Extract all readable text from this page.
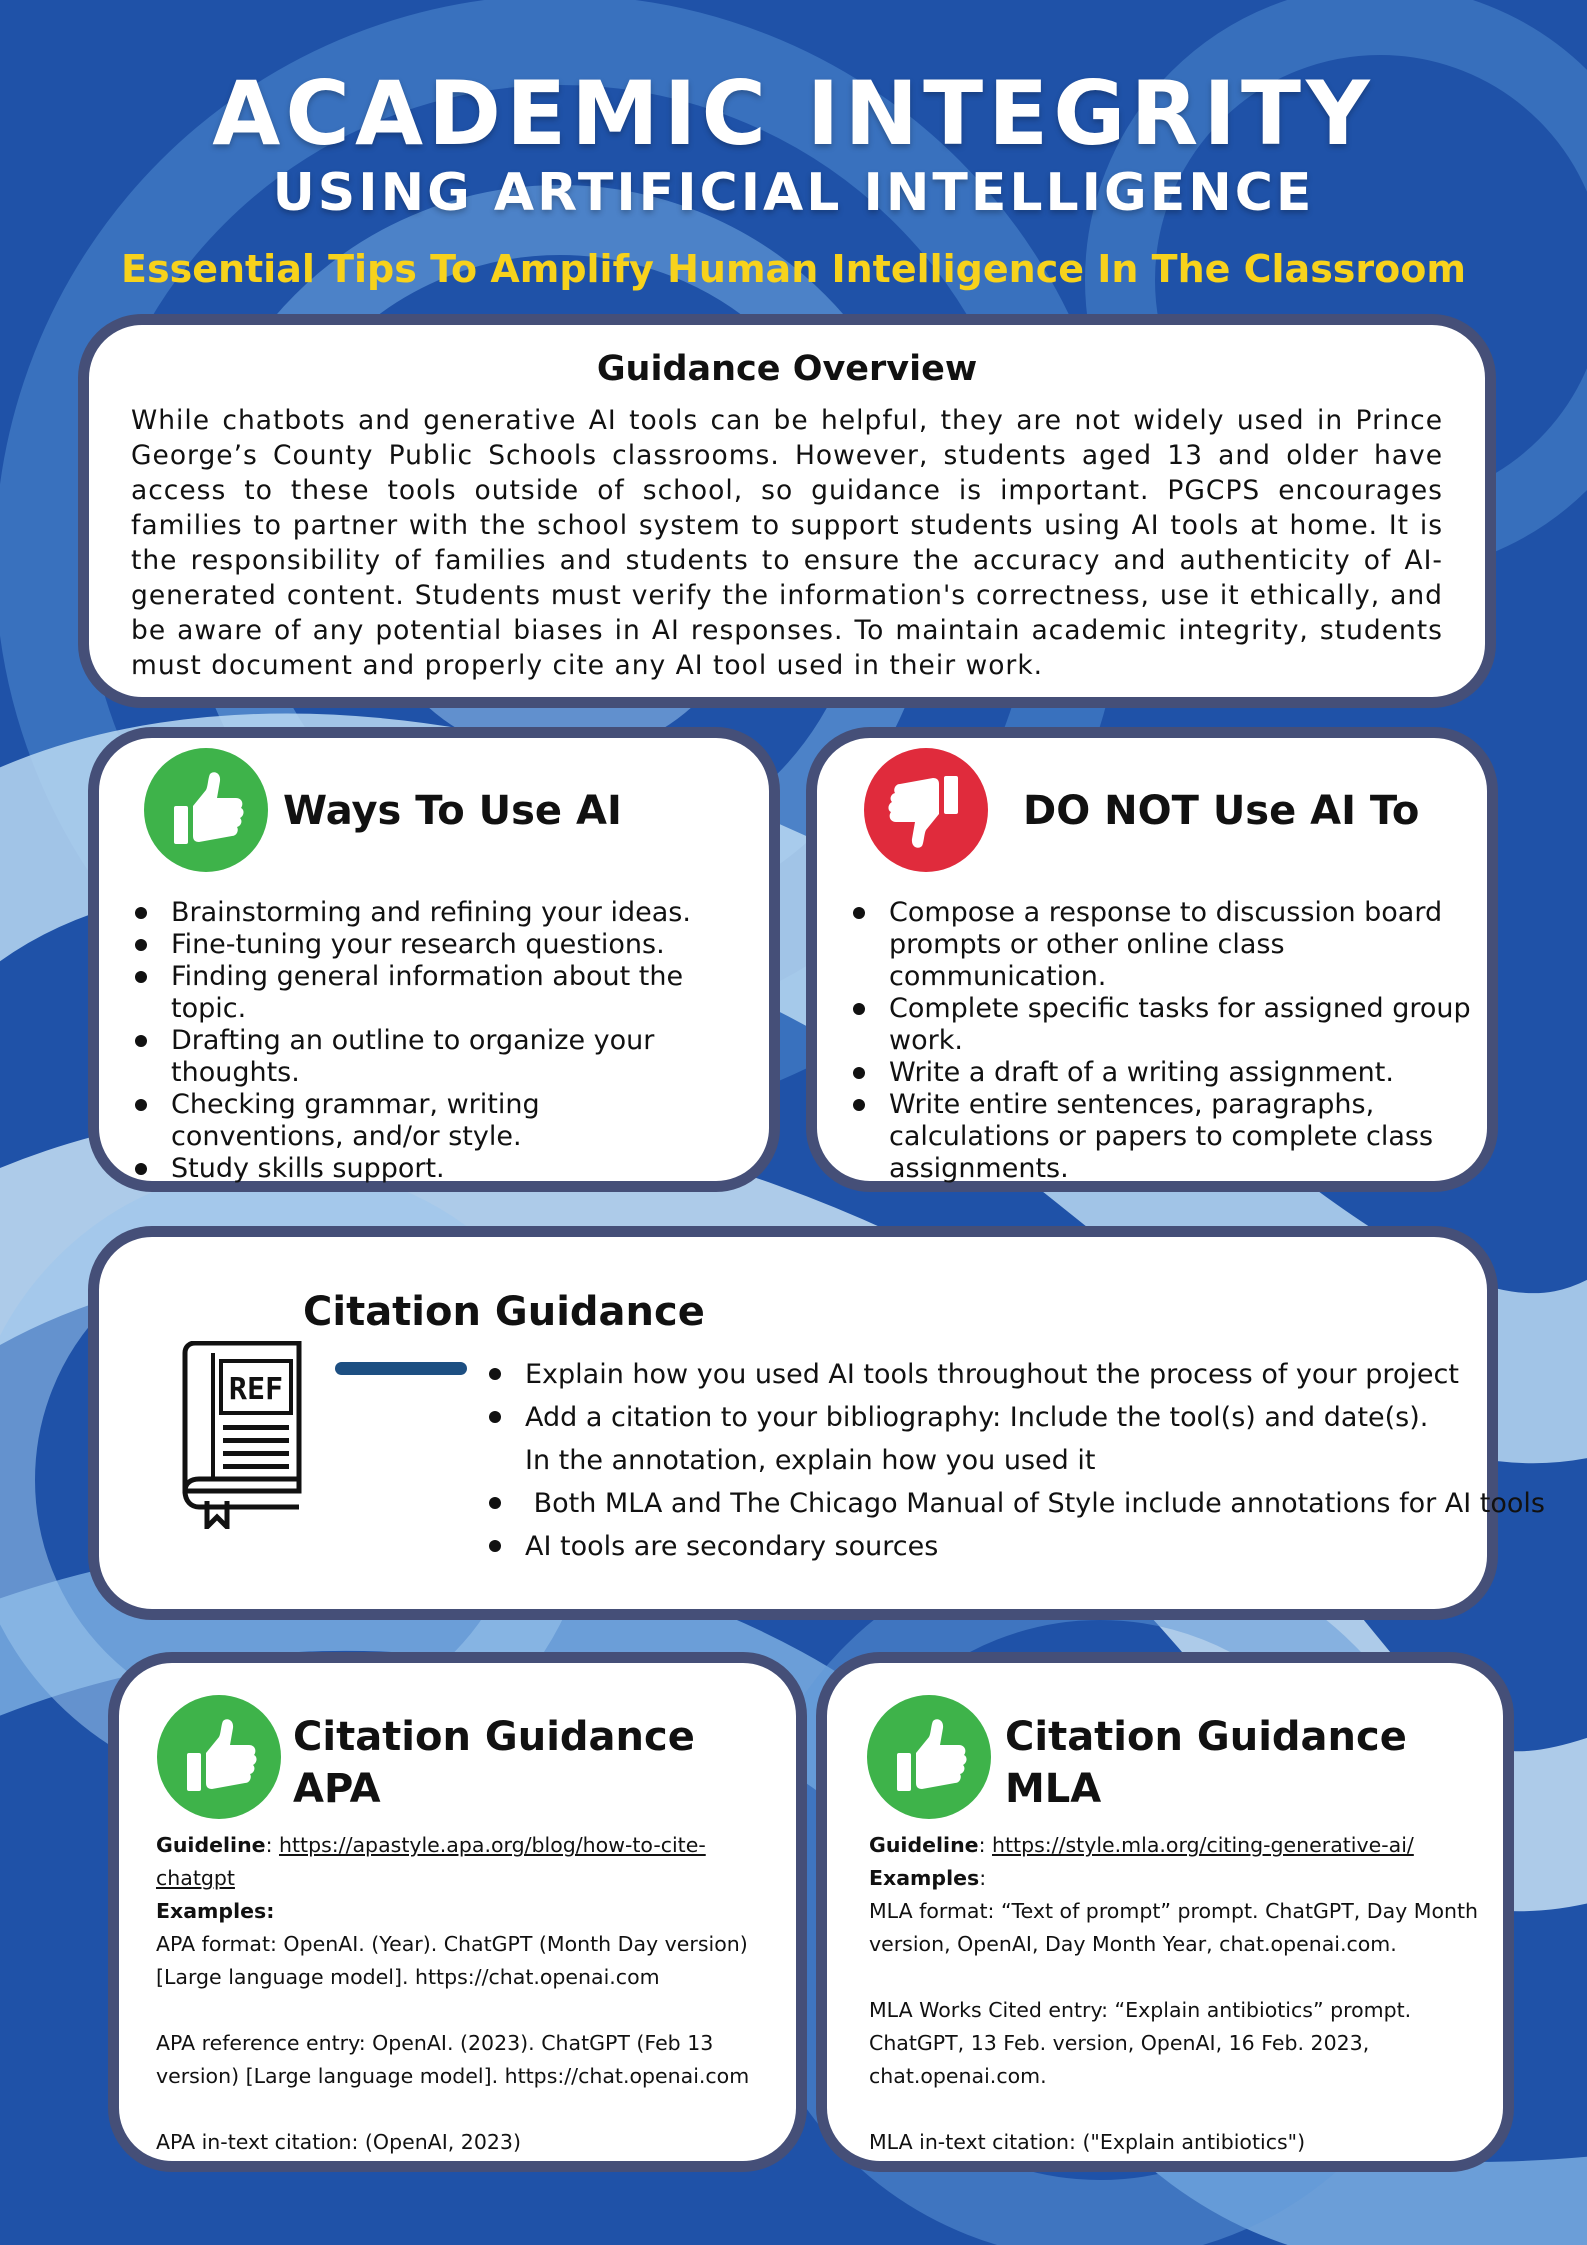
ACADEMIC INTEGRITY
USING ARTIFICIAL INTELLIGENCE
Essential Tips To Amplify Human Intelligence In The Classroom
Guidance Overview

While chatbots and generative AI tools can be helpful, they are not widely used in Prince George’s County Public Schools classrooms. However, students aged 13 and older have access to these tools outside of school, so guidance is important. PGCPS encourages families to partner with the school system to support students using AI tools at home. It is the responsibility of families and students to ensure the accuracy and authenticity of AI-generated content. Students must verify the information's correctness, use it ethically, and be aware of any potential biases in AI responses. To maintain academic integrity, students must document and properly cite any AI tool used in their work.

Ways To Use AI
Brainstorming and refining your ideas.
Fine-tuning your research questions.
Finding general information about the topic.
Drafting an outline to organize your thoughts.
Checking grammar, writing conventions, and/or style.
Study skills support.
DO NOT Use AI To
Compose a response to discussion board prompts or other online class communication.
Complete specific tasks for assigned group work.
Write a draft of a writing assignment.
Write entire sentences, paragraphs, calculations or papers to complete class assignments.
Citation Guidance
REF	Explain how you used AI tools throughout the process of your project
Add a citation to your bibliography: Include the tool(s) and date(s). In the annotation, explain how you used it
Both MLA and The Chicago Manual of Style include annotations for AI tools
AI tools are secondary sources
Citation Guidance
APA
Guideline: https://apastyle.apa.org/blog/how-to-cite-chatgpt
Examples:
APA format: OpenAI. (Year). ChatGPT (Month Day version) [Large language model]. https://chat.openai.com
APA reference entry: OpenAI. (2023). ChatGPT (Feb 13 version) [Large language model]. https://chat.openai.com
APA in-text citation: (OpenAI, 2023)
Citation Guidance
MLA
Guideline: https://style.mla.org/citing-generative-ai/
Examples:
MLA format: “Text of prompt” prompt. ChatGPT, Day Month version, OpenAI, Day Month Year, chat.openai.com.
MLA Works Cited entry: “Explain antibiotics” prompt. ChatGPT, 13 Feb. version, OpenAI, 16 Feb. 2023, chat.openai.com.
MLA in-text citation: ("Explain antibiotics")
